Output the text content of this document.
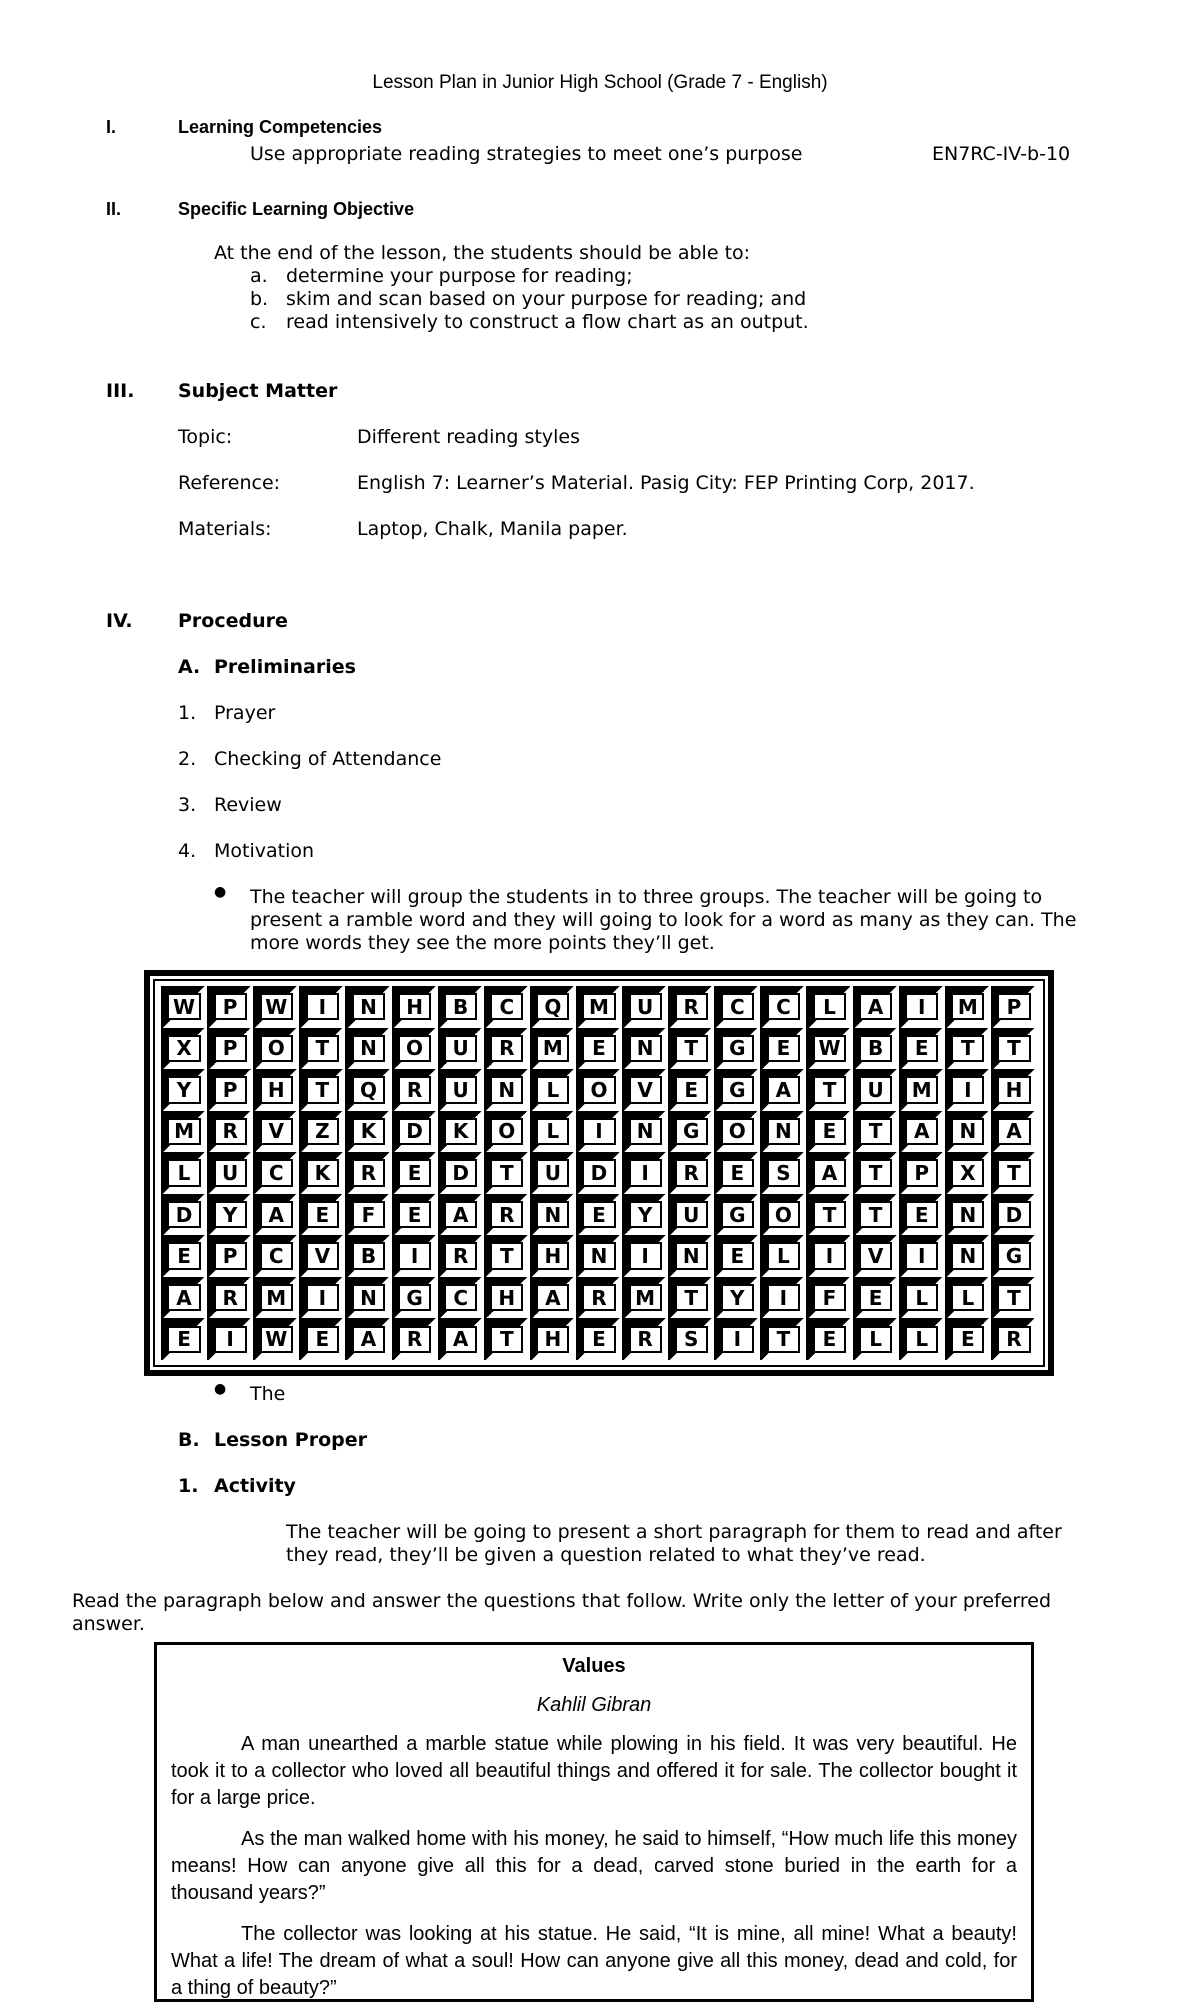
Lesson Plan in Junior High School (Grade 7 - English)
I.	Learning Competencies
Use appropriate reading strategies to meet one’s purpose	EN7RC-IV-b-10
II.	Specific Learning Objective
At the end of the lesson, the students should be able to:
a. determine your purpose for reading;
b. skim and scan based on your purpose for reading; and
c. read intensively to construct a flow chart as an output.
III. Subject Matter
Topic:	Different reading styles
Reference:	English 7: Learner’s Material. Pasig City: FEP Printing Corp, 2017.
Materials:	Laptop, Chalk, Manila paper.
IV. Procedure
A. Preliminaries
1. Prayer
2. Checking of Attendance
3. Review
4. Motivation
● The teacher will group the students in to three groups. The teacher will be going to
present a ramble word and they will going to look for a word as many as they can. The
more words they see the more points they’ll get.
W	P	W	I	N	H	B	C	Q	M	U	R	C	C	L	A	I	M	P
X	P	O	T	N	O	U	R	M	E	N	T	G	E	W	B	E	T	T
Y	P	H	T	Q	R	U	N	L	O	V	E	G	A	T	U	M	I	H
M	R	V	Z	K	D	K	O	L	I	N	G	O	N	E	T	A	N	A
L	U	C	K	R	E	D	T	U	D	I	R	E	S	A	T	P	X	T
D	Y	A	E	F	E	A	R	N	E	Y	U	G	O	T	T	E	N	D
E	P	C	V	B	I	R	T	H	N	I	N	E	L	I	V	I	N	G
A	R	M	I	N	G	C	H	A	R	M	T	Y	I	F	E	L	L	T
E	I	W	E	A	R	A	T	H	E	R	S	I	T	E	L	L	E	R
● The
B. Lesson Proper
1. Activity
The teacher will be going to present a short paragraph for them to read and after
they read, they’ll be given a question related to what they’ve read.
Read the paragraph below and answer the questions that follow. Write only the letter of your preferred
answer.
Values
Kahlil Gibran

A man unearthed a marble statue while plowing in his field. It was very beautiful. He took it to a collector who loved all beautiful things and offered it for sale. The collector bought it for a large price.

As the man walked home with his money, he said to himself, “How much life this money means! How can anyone give all this for a dead, carved stone buried in the earth for a thousand years?”

The collector was looking at his statue. He said, “It is mine, all mine! What a beauty! What a life! The dream of what a soul! How can anyone give all this money, dead and cold, for a thing of beauty?”
